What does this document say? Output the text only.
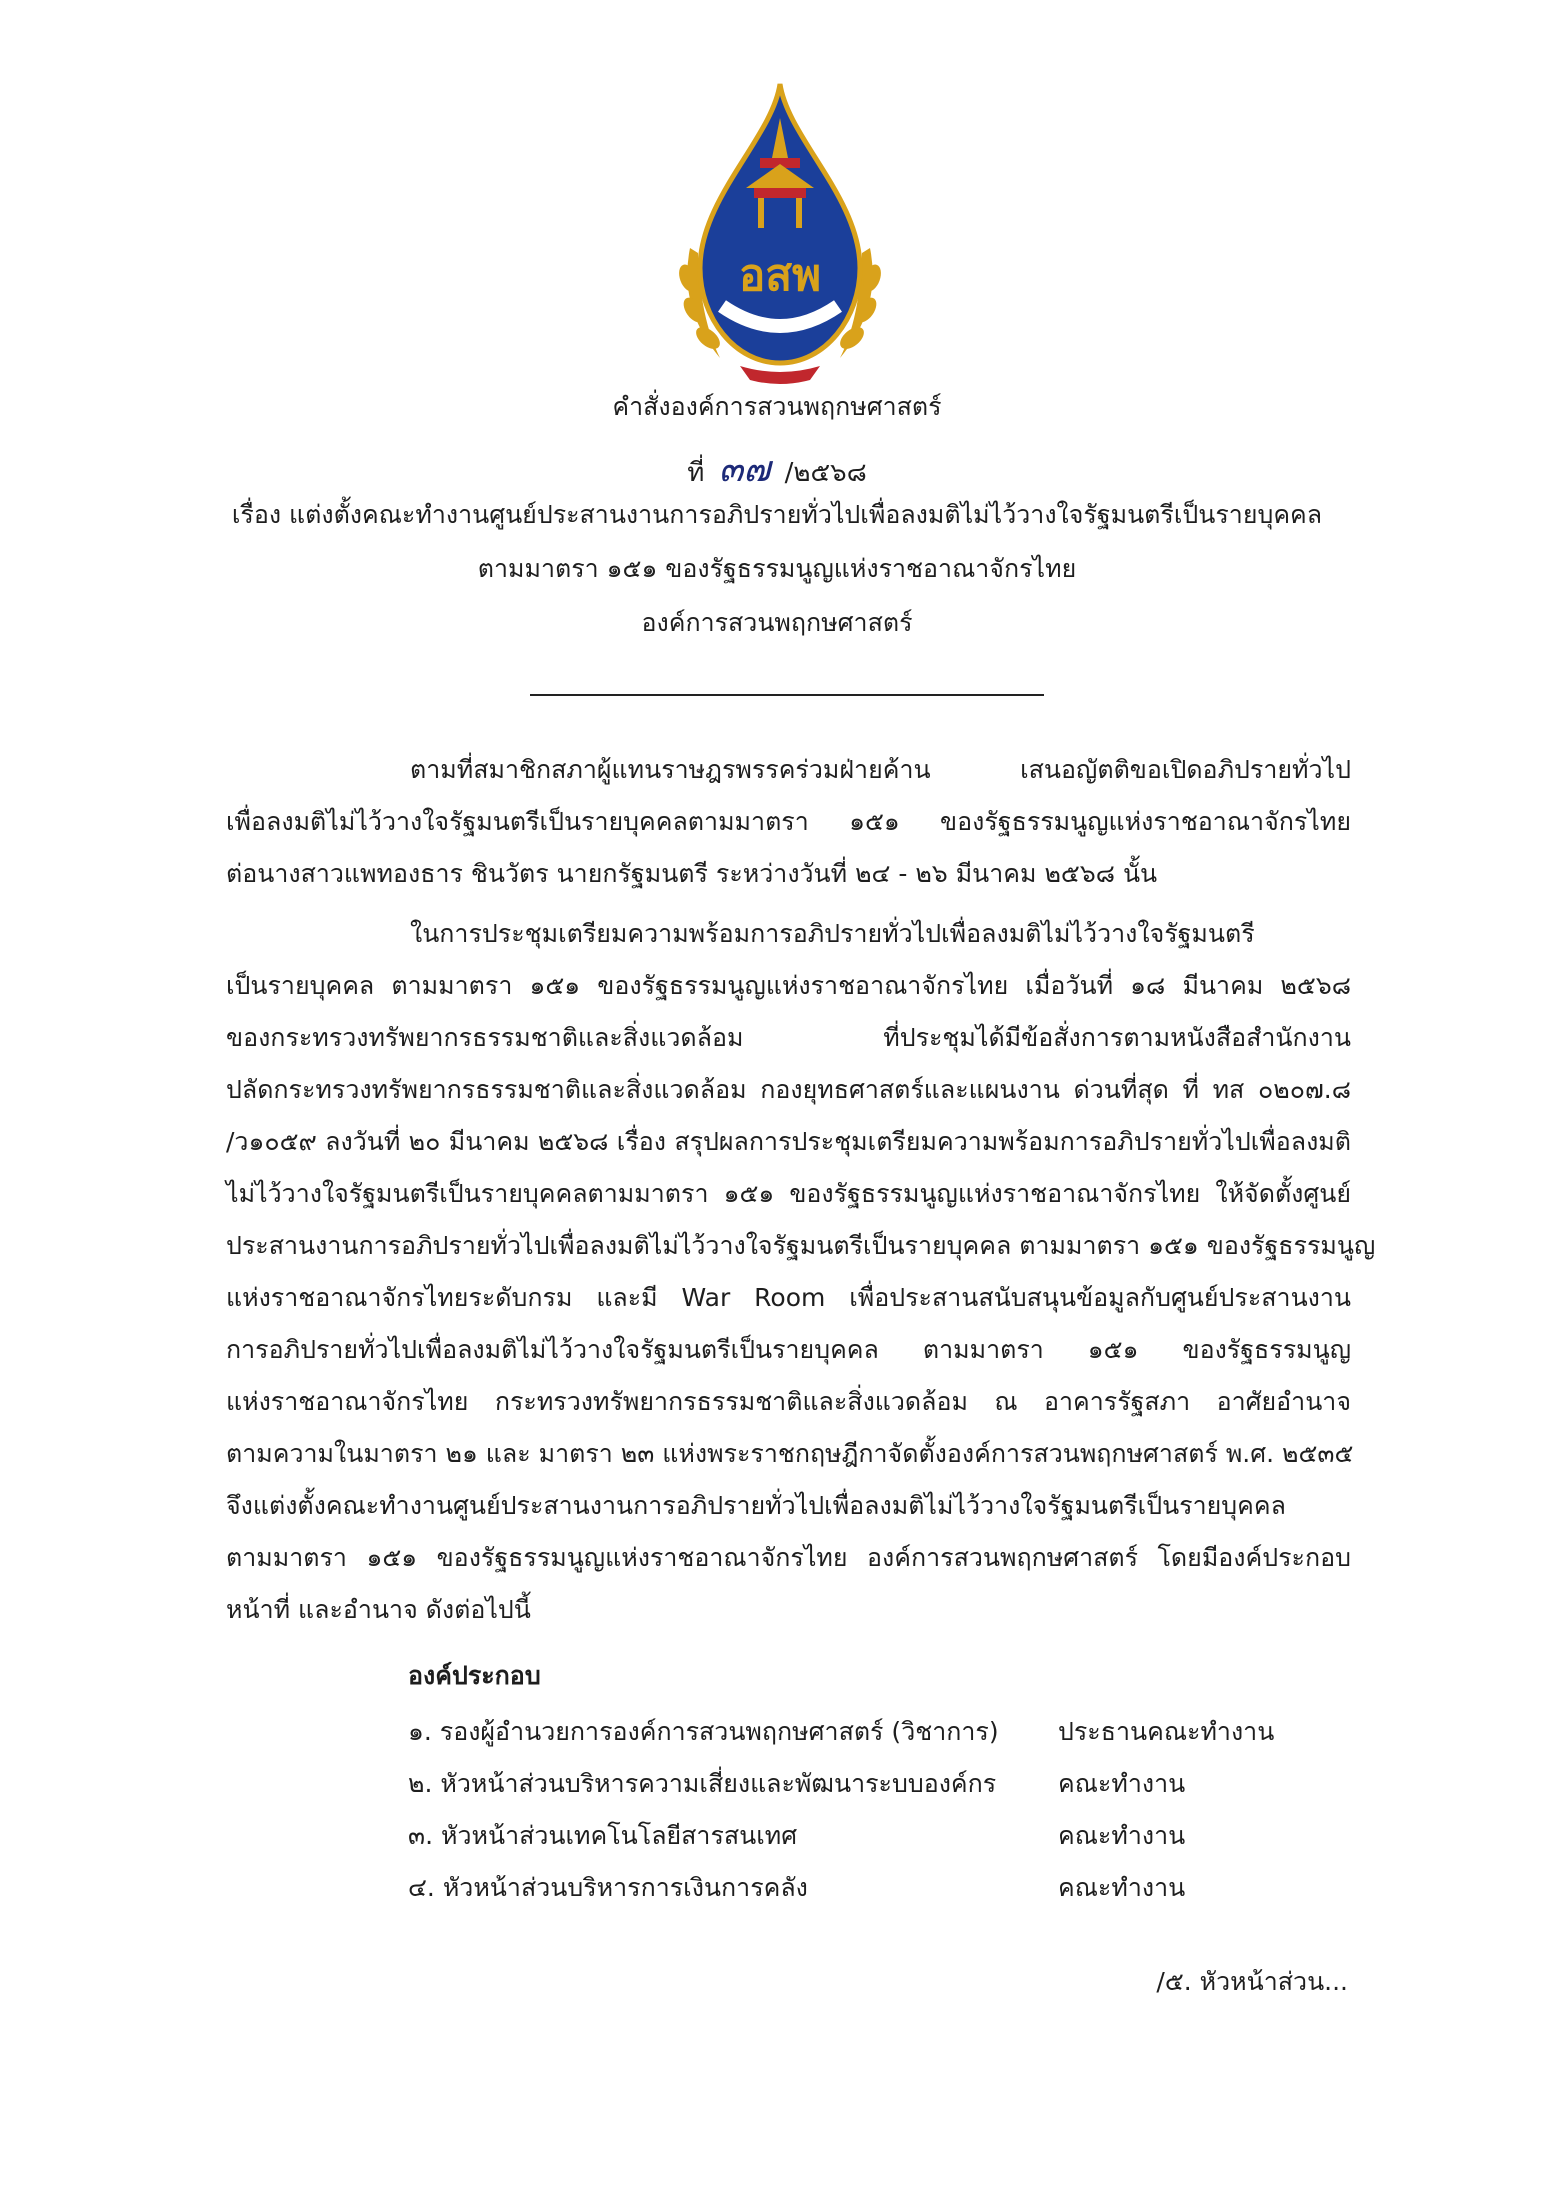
อสพ
คำสั่งองค์การสวนพฤกษศาสตร์
ที่ ๓๗ /๒๕๖๘
เรื่อง แต่งตั้งคณะทำงานศูนย์ประสานงานการอภิปรายทั่วไปเพื่อลงมติไม่ไว้วางใจรัฐมนตรีเป็นรายบุคคล
ตามมาตรา ๑๕๑ ของรัฐธรรมนูญแห่งราชอาณาจักรไทย
องค์การสวนพฤกษศาสตร์
ตามที่สมาชิกสภาผู้แทนราษฎรพรรคร่วมฝ่ายค้าน เสนอญัตติขอเปิดอภิปรายทั่วไป
เพื่อลงมติไม่ไว้วางใจรัฐมนตรีเป็นรายบุคคลตามมาตรา ๑๕๑ ของรัฐธรรมนูญแห่งราชอาณาจักรไทย
ต่อนางสาวแพทองธาร ชินวัตร นายกรัฐมนตรี ระหว่างวันที่ ๒๔ - ๒๖ มีนาคม ๒๕๖๘ นั้น
ในการประชุมเตรียมความพร้อมการอภิปรายทั่วไปเพื่อลงมติไม่ไว้วางใจรัฐมนตรี
เป็นรายบุคคล ตามมาตรา ๑๕๑ ของรัฐธรรมนูญแห่งราชอาณาจักรไทย เมื่อวันที่ ๑๘ มีนาคม ๒๕๖๘
ของกระทรวงทรัพยากรธรรมชาติและสิ่งแวดล้อม ที่ประชุมได้มีข้อสั่งการตามหนังสือสำนักงาน
ปลัดกระทรวงทรัพยากรธรรมชาติและสิ่งแวดล้อม กองยุทธศาสตร์และแผนงาน ด่วนที่สุด ที่ ทส ๐๒๐๗.๘
/ว๑๐๕๙ ลงวันที่ ๒๐ มีนาคม ๒๕๖๘ เรื่อง สรุปผลการประชุมเตรียมความพร้อมการอภิปรายทั่วไปเพื่อลงมติ
ไม่ไว้วางใจรัฐมนตรีเป็นรายบุคคลตามมาตรา ๑๕๑ ของรัฐธรรมนูญแห่งราชอาณาจักรไทย ให้จัดตั้งศูนย์
ประสานงานการอภิปรายทั่วไปเพื่อลงมติไม่ไว้วางใจรัฐมนตรีเป็นรายบุคคล ตามมาตรา ๑๕๑ ของรัฐธรรมนูญ
แห่งราชอาณาจักรไทยระดับกรม และมี War Room เพื่อประสานสนับสนุนข้อมูลกับศูนย์ประสานงาน
การอภิปรายทั่วไปเพื่อลงมติไม่ไว้วางใจรัฐมนตรีเป็นรายบุคคล ตามมาตรา ๑๕๑ ของรัฐธรรมนูญ
แห่งราชอาณาจักรไทย กระทรวงทรัพยากรธรรมชาติและสิ่งแวดล้อม ณ อาคารรัฐสภา อาศัยอำนาจ
ตามความในมาตรา ๒๑ และ มาตรา ๒๓ แห่งพระราชกฤษฎีกาจัดตั้งองค์การสวนพฤกษศาสตร์ พ.ศ. ๒๕๓๕
จึงแต่งตั้งคณะทำงานศูนย์ประสานงานการอภิปรายทั่วไปเพื่อลงมติไม่ไว้วางใจรัฐมนตรีเป็นรายบุคคล
ตามมาตรา ๑๕๑ ของรัฐธรรมนูญแห่งราชอาณาจักรไทย องค์การสวนพฤกษศาสตร์ โดยมีองค์ประกอบ
หน้าที่ และอำนาจ ดังต่อไปนี้
องค์ประกอบ
๑. รองผู้อำนวยการองค์การสวนพฤกษศาสตร์ (วิชาการ) ประธานคณะทำงาน
๒. หัวหน้าส่วนบริหารความเสี่ยงและพัฒนาระบบองค์กร คณะทำงาน
๓. หัวหน้าส่วนเทคโนโลยีสารสนเทศ	คณะทำงาน
๔. หัวหน้าส่วนบริหารการเงินการคลัง	คณะทำงาน
/๕. หัวหน้าส่วน...
